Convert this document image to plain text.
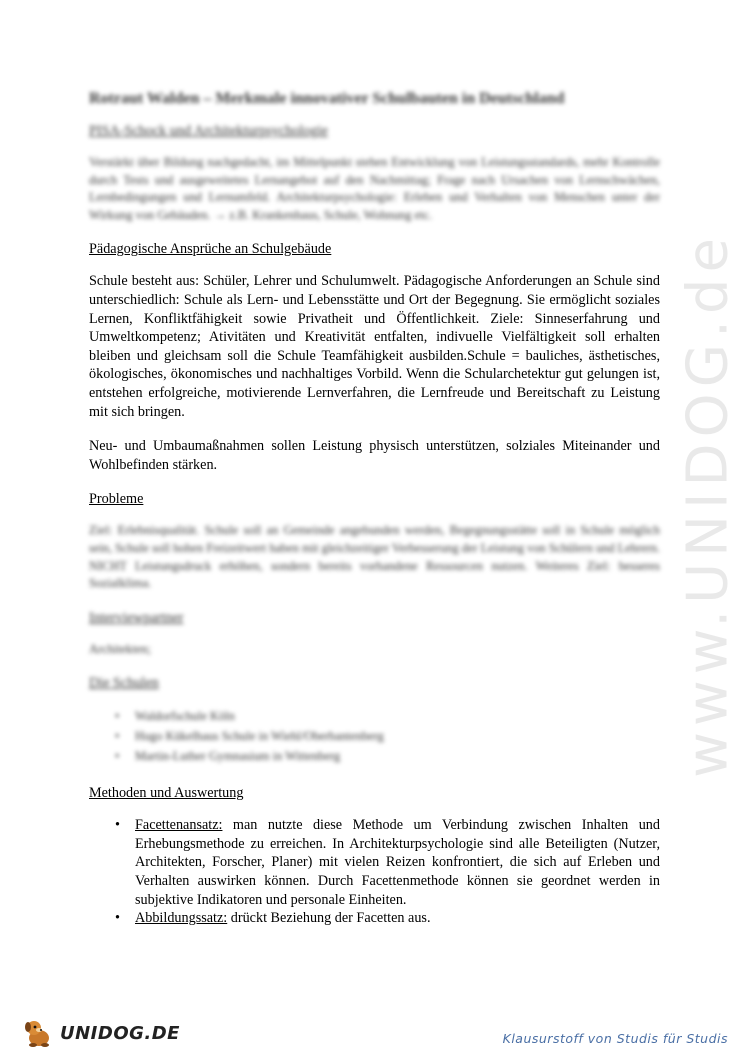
www.UNIDOG.de
Rotraut Walden – Merkmale innovativer Schulbauten in Deutschland
PISA-Schock und Architekturpsychologie

Verstärkt über Bildung nachgedacht, im Mittelpunkt stehen Entwicklung von Leistungsstandards, mehr Kontrolle durch Tests und ausgeweitetes Lernangebot auf den Nachmittag; Frage nach Ursachen von Lernschwächen, Lernbedingungen und Lernumfeld. Architekturpsychologie: Erleben und Verhalten von Menschen unter der Wirkung von Gebäuden. → z.B. Krankenhaus, Schule, Wohnung etc.

Pädagogische Ansprüche an Schulgebäude

Schule besteht aus: Schüler, Lehrer und Schulumwelt. Pädagogische Anforderungen an Schule sind unterschiedlich: Schule als Lern- und Lebensstätte und Ort der Begegnung. Sie ermöglicht soziales Lernen, Konfliktfähigkeit sowie Privatheit und Öffentlichkeit. Ziele: Sinneserfahrung und Umweltkompetenz; Ativitäten und Kreativität entfalten, indivuelle Vielfältigkeit soll erhalten bleiben und gleichsam soll die Schule Teamfähigkeit ausbilden.Schule = bauliches, ästhetisches, ökologisches, ökonomisches und nachhaltiges Vorbild. Wenn die Schularchetektur gut gelungen ist, entstehen erfolgreiche, motivierende Lernverfahren, die Lernfreude und Bereitschaft zu Leistung mit sich bringen.

Neu- und Umbaumaßnahmen sollen Leistung physisch unterstützen, solziales Miteinander und Wohlbefinden stärken.

Probleme

Ziel: Erlebnisqualität. Schule soll an Gemeinde angebunden werden, Begegnungsstätte soll in Schule möglich sein, Schule soll hohen Freizeitwert haben mit gleichzeitiger Verbesserung der Leistung von Schülern und Lehrern. NICHT Leistungsdruck erhöhen, sondern bereits vorhandene Ressourcen nutzen. Weiteres Ziel: besseres Sozialklima.

Interviewpartner

Architekten;

Die Schulen
• Waldorfschule Köln
• Hugo Kükelhaus Schule in Wiehl/Oberbantenberg
• Martin-Luther Gymnasium in Wittenberg
Methoden und Auswertung
• Facettenansatz: man nutzte diese Methode um Verbindung zwischen Inhalten und Erhebungsmethode zu erreichen. In Architekturpsychologie sind alle Beteiligten (Nutzer, Architekten, Forscher, Planer) mit vielen Reizen konfrontiert, die sich auf Erleben und Verhalten auswirken können. Durch Facettenmethode können sie geordnet werden in subjektive Indikatoren und personale Einheiten.
• Abbildungssatz: drückt Beziehung der Facetten aus.
UNIDOG.DE	Klausurstoff von Studis für Studis
